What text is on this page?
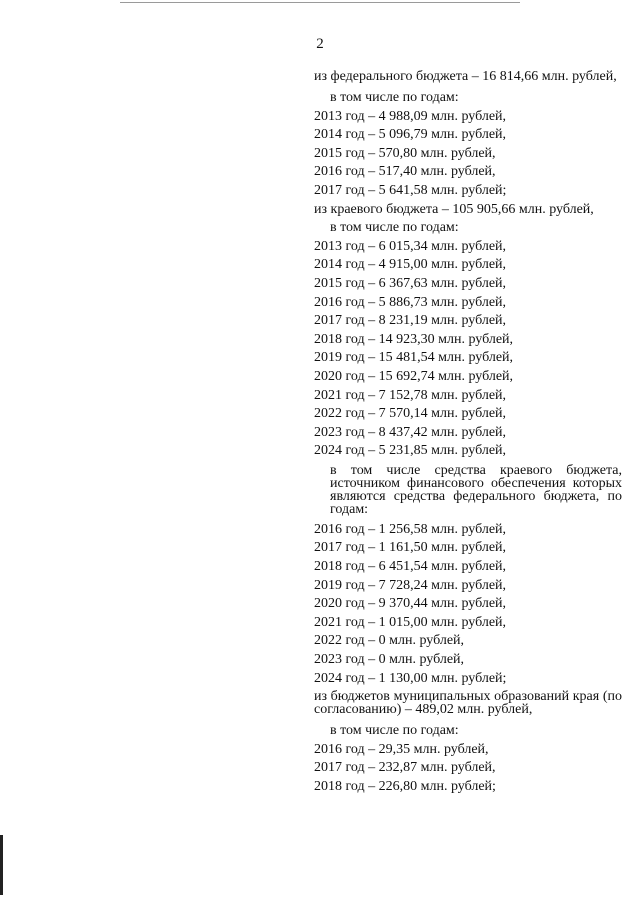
2
из федерального бюджета – 16 814,66 млн. рублей,
в том числе по годам:
2013 год – 4 988,09 млн. рублей,
2014 год – 5 096,79 млн. рублей,
2015 год – 570,80 млн. рублей,
2016 год – 517,40 млн. рублей,
2017 год – 5 641,58 млн. рублей;
из краевого бюджета – 105 905,66 млн. рублей,
в том числе по годам:
2013 год – 6 015,34 млн. рублей,
2014 год – 4 915,00 млн. рублей,
2015 год – 6 367,63 млн. рублей,
2016 год – 5 886,73 млн. рублей,
2017 год – 8 231,19 млн. рублей,
2018 год – 14 923,30 млн. рублей,
2019 год – 15 481,54 млн. рублей,
2020 год – 15 692,74 млн. рублей,
2021 год – 7 152,78 млн. рублей,
2022 год – 7 570,14 млн. рублей,
2023 год – 8 437,42 млн. рублей,
2024 год – 5 231,85 млн. рублей,
в том числе средства краевого бюджета, источником финансового обеспечения которых являются средства федерального бюджета, по годам:
2016 год – 1 256,58 млн. рублей,
2017 год – 1 161,50 млн. рублей,
2018 год – 6 451,54 млн. рублей,
2019 год – 7 728,24 млн. рублей,
2020 год – 9 370,44 млн. рублей,
2021 год – 1 015,00 млн. рублей,
2022 год – 0 млн. рублей,
2023 год – 0 млн. рублей,
2024 год – 1 130,00 млн. рублей;
из бюджетов муниципальных образований края (по согласованию) – 489,02 млн. рублей,
в том числе по годам:
2016 год – 29,35 млн. рублей,
2017 год – 232,87 млн. рублей,
2018 год – 226,80 млн. рублей;
